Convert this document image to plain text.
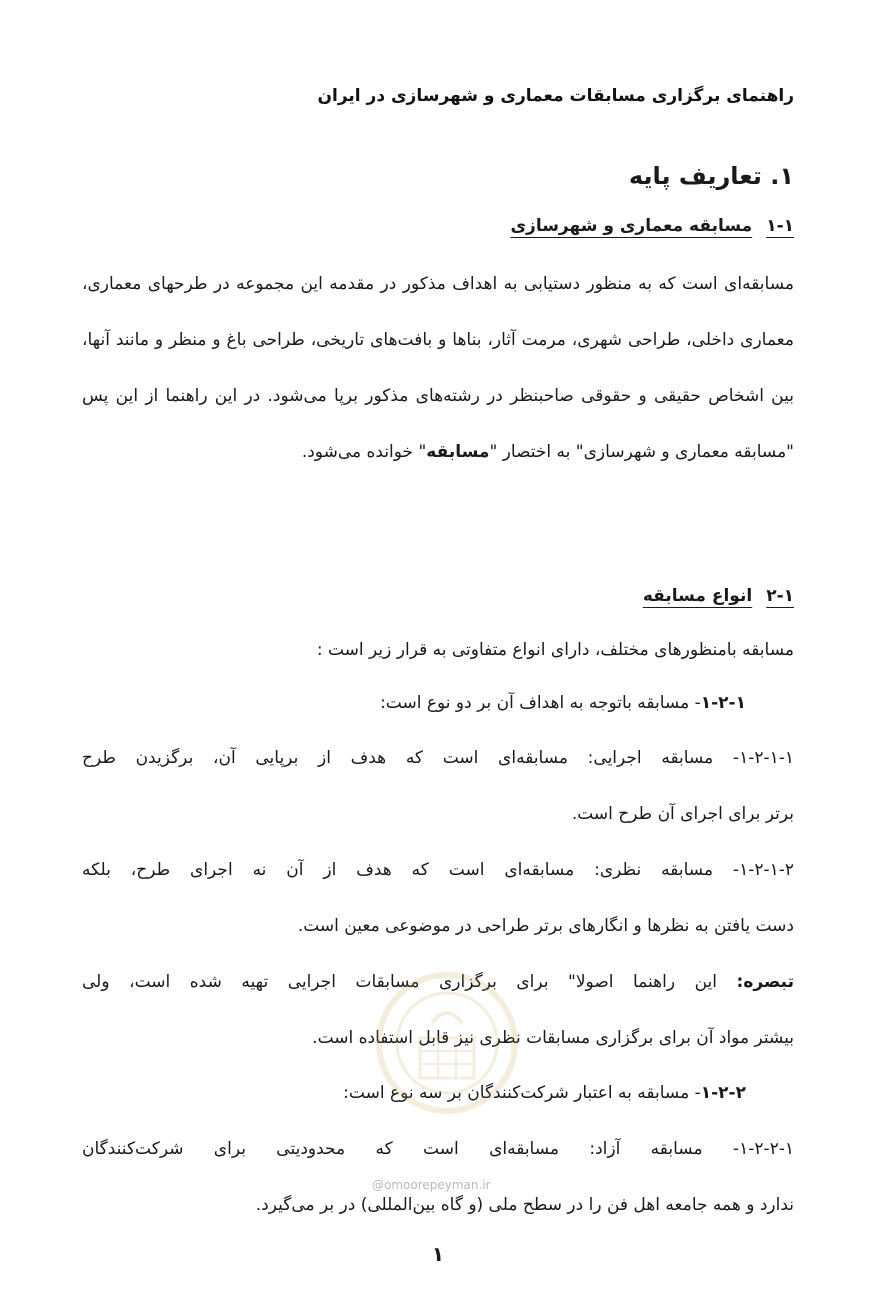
راهنمای برگزاری مسابقات معماری و شهرسازی در ایران
۱. تعاریف پایه
۱-۱مسابقه معماری و شهرسازی

مسابقه‌ای است که به منظور دستیابی به اهداف مذکور در مقدمه این مجموعه در طرحهای معماری، معماری داخلی، طراحی شهری، مرمت آثار، بناها و بافت‌های تاریخی، طراحی باغ و منظر و مانند آنها، بین اشخاص حقیقی و حقوقی صاحبنظر در رشته‌های مذکور برپا می‌شود. در این راهنما از این پس "مسابقه معماری و شهرسازی" به اختصار "مسابقه" خوانده می‌شود.

۲-۱انواع مسابقه

مسابقه بامنظورهای مختلف، دارای انواع متفاوتی به قرار زیر است :

۱-۲-۱- مسابقه باتوجه به اهداف آن بر دو نوع است:

۱-۲-۱-۱- مسابقه اجرایی: مسابقه‌ای است که هدف از برپایی آن، برگزیدن طرح

برتر برای اجرای آن طرح است.

۱-۲-۱-۲- مسابقه نظری: مسابقه‌ای است که هدف از آن نه اجرای طرح، بلکه

دست یافتن به نظرها و انگارهای برتر طراحی در موضوعی معین است.

تبصره: این راهنما اصولا" برای برگزاری مسابقات اجرایی تهیه شده است، ولی

بیشتر مواد آن برای برگزاری مسابقات نظری نیز قابل استفاده است.

۱-۲-۲- مسابقه به اعتبار شرکت‌کنندگان بر سه نوع است:

۱-۲-۲-۱- مسابقه آزاد: مسابقه‌ای است که محدودیتی برای شرکت‌کنندگان

ندارد و همه جامعه اهل فن را در سطح ملی (و گاه بین‌المللی) در بر می‌گیرد.

@omoorepeyman.ir
۱
